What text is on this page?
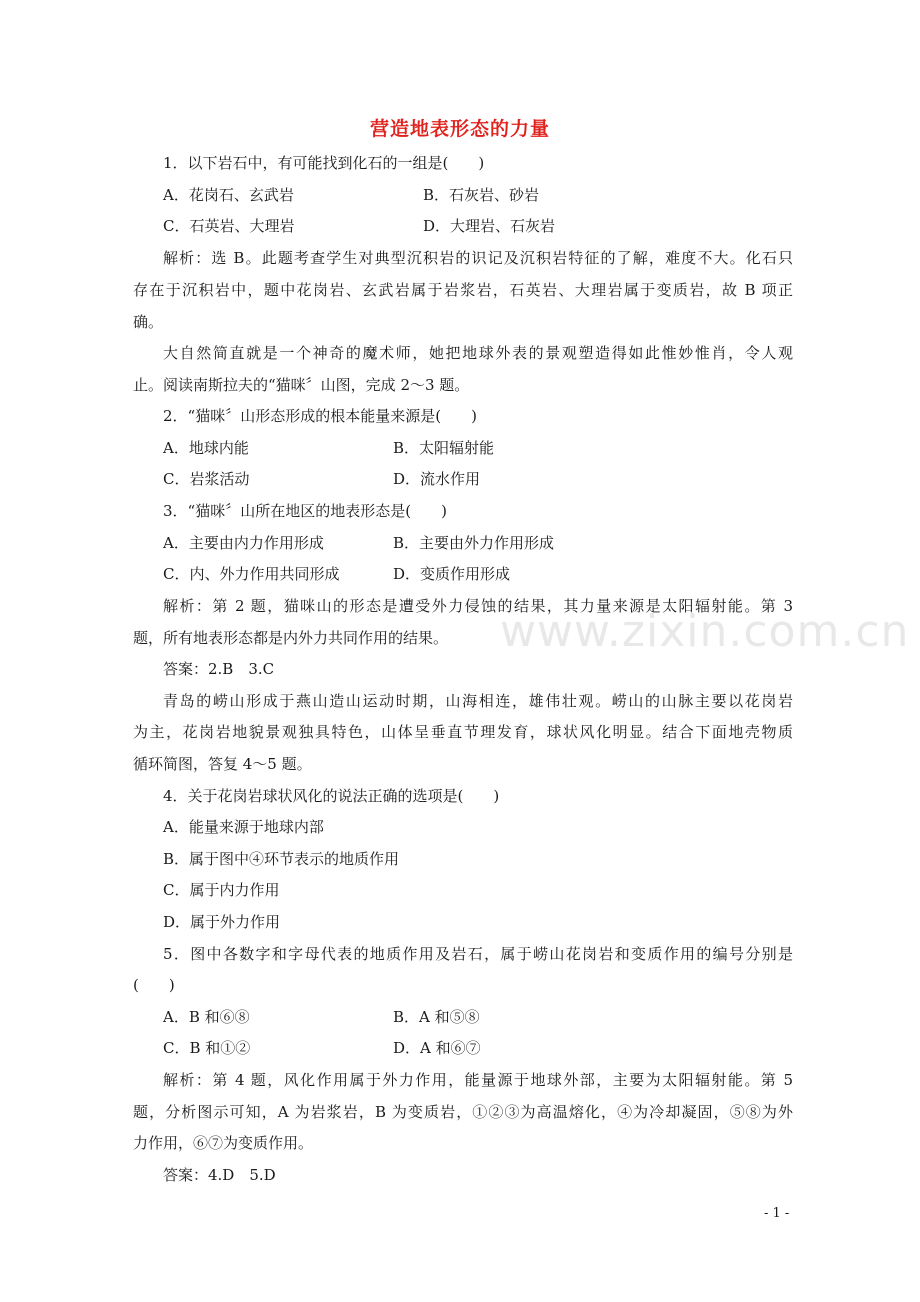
营造地表形态的力量
1．以下岩石中，有可能找到化石的一组是(　　)
A．花岗石、玄武岩	B．石灰岩、砂岩
C．石英岩、大理岩	D．大理岩、石灰岩
解析：选 B。此题考查学生对典型沉积岩的识记及沉积岩特征的了解，难度不大。化石只
存在于沉积岩中，题中花岗岩、玄武岩属于岩浆岩，石英岩、大理岩属于变质岩，故 B 项正
确。
大自然简直就是一个神奇的魔术师，她把地球外表的景观塑造得如此惟妙惟肖，令人观
止。阅读南斯拉夫的“猫咪〞山图，完成 2～3 题。
2．“猫咪〞山形态形成的根本能量来源是(　　)
A．地球内能	B．太阳辐射能
C．岩浆活动	D．流水作用
3．“猫咪〞山所在地区的地表形态是(　　)
A．主要由内力作用形成	B．主要由外力作用形成
C．内、外力作用共同形成	D．变质作用形成
解析：第 2 题，猫咪山的形态是遭受外力侵蚀的结果，其力量来源是太阳辐射能。第 3
题，所有地表形态都是内外力共同作用的结果。
答案：2.B　3.C
青岛的崂山形成于燕山造山运动时期，山海相连，雄伟壮观。崂山的山脉主要以花岗岩
为主，花岗岩地貌景观独具特色，山体呈垂直节理发育，球状风化明显。结合下面地壳物质
循环简图，答复 4～5 题。
4．关于花岗岩球状风化的说法正确的选项是(　　)
A．能量来源于地球内部
B．属于图中④环节表示的地质作用
C．属于内力作用
D．属于外力作用
5．图中各数字和字母代表的地质作用及岩石，属于崂山花岗岩和变质作用的编号分别是
(　　)
A．B 和⑥⑧	B．A 和⑤⑧
C．B 和①②	D．A 和⑥⑦
解析：第 4 题，风化作用属于外力作用，能量源于地球外部，主要为太阳辐射能。第 5
题，分析图示可知，A 为岩浆岩，B 为变质岩，①②③为高温熔化，④为冷却凝固，⑤⑧为外
力作用，⑥⑦为变质作用。
答案：4.D　5.D
www.zixin.com.cn
- 1 -
